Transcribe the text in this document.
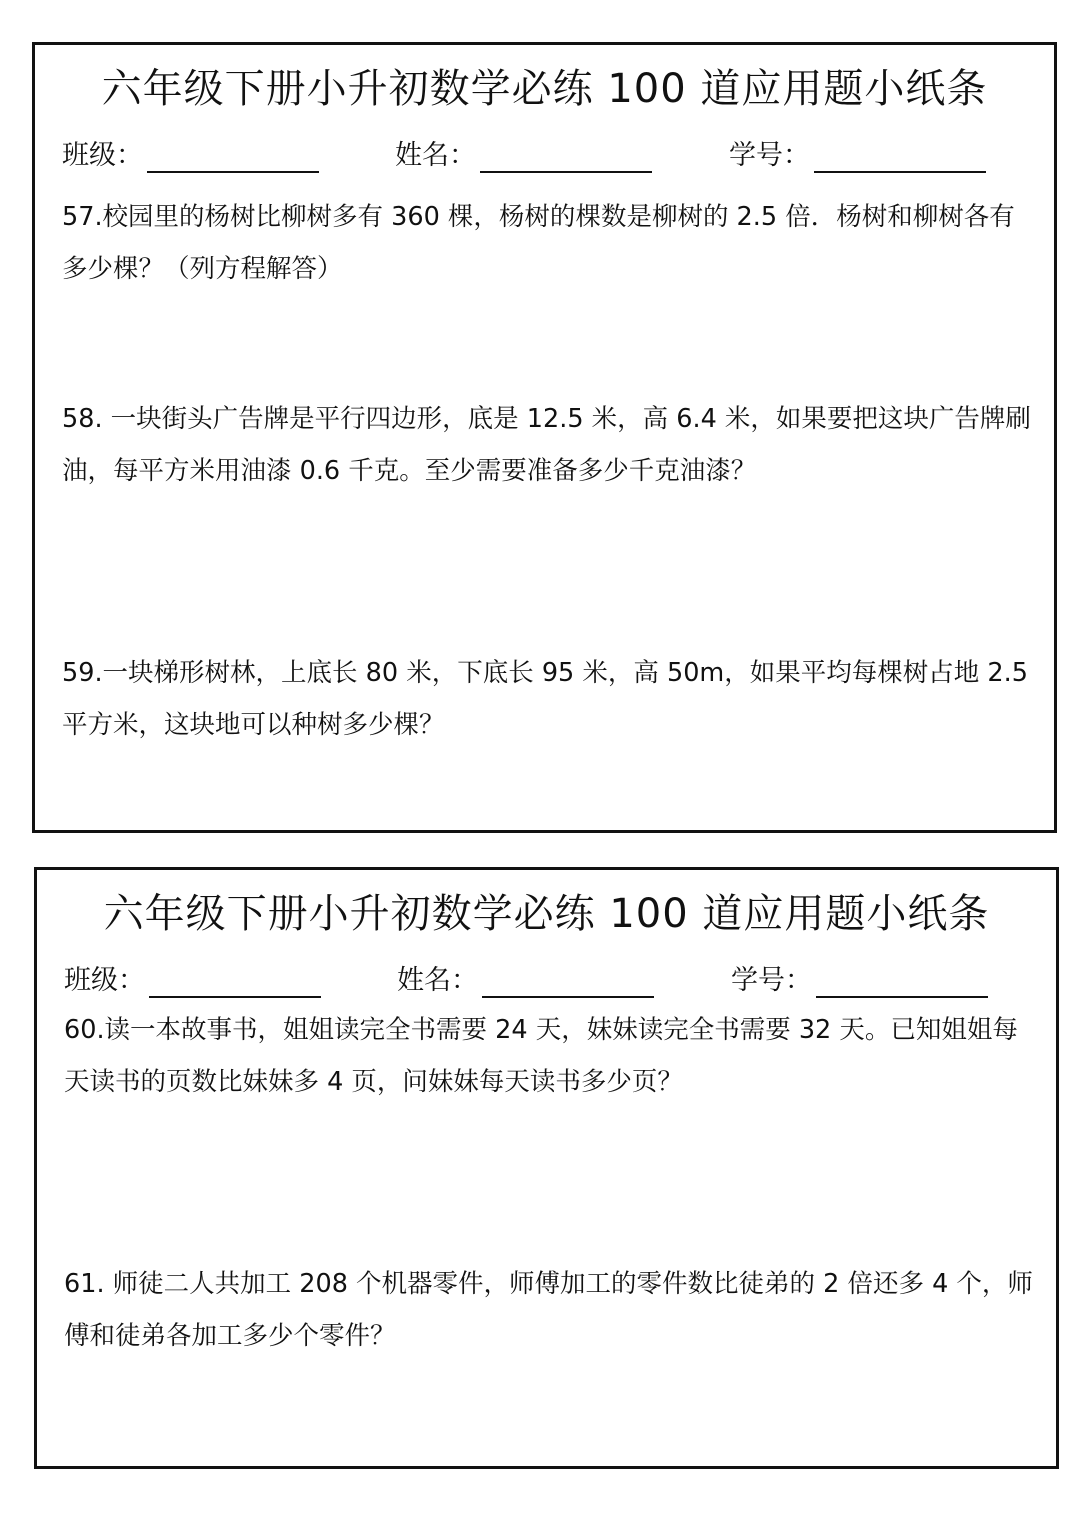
六年级下册小升初数学必练 100 道应用题小纸条
班级：	姓名：	学号：

57.校园里的杨树比柳树多有 360 棵，杨树的棵数是柳树的 2.5 倍．杨树和柳树各有多少棵？（列方程解答）

58. 一块街头广告牌是平行四边形，底是 12.5 米，高 6.4 米，如果要把这块广告牌刷油，每平方米用油漆 0.6 千克。至少需要准备多少千克油漆？

59.一块梯形树林，上底长 80 米，下底长 95 米，高 50m，如果平均每棵树占地 2.5 平方米，这块地可以种树多少棵？

六年级下册小升初数学必练 100 道应用题小纸条
班级：	姓名：	学号：

60.读一本故事书，姐姐读完全书需要 24 天，妹妹读完全书需要 32 天。已知姐姐每天读书的页数比妹妹多 4 页，问妹妹每天读书多少页？

61. 师徒二人共加工 208 个机器零件，师傅加工的零件数比徒弟的 2 倍还多 4 个，师傅和徒弟各加工多少个零件？
